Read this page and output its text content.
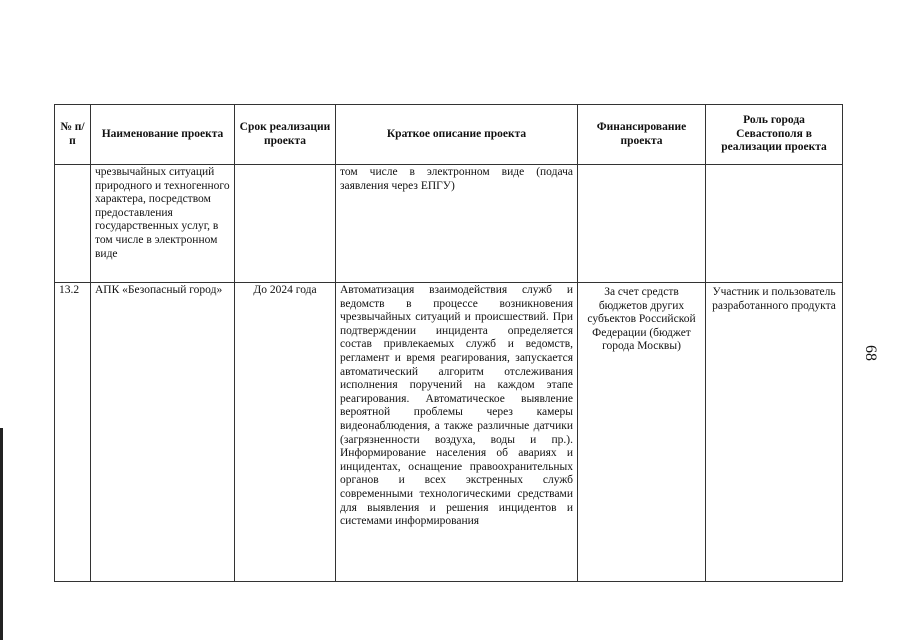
№ п/п	Наименование проекта	Срок реализации проекта	Краткое описание проекта	Финансирование проекта	Роль города Севастополя в реализации проекта
	чрезвычайных ситуаций природного и техногенного характера, посредством предоставления государственных услуг, в том числе в электронном виде		том числе в электронном виде (подача заявления через ЕПГУ)		
13.2	АПК «Безопасный город»	До 2024 года	Автоматизация взаимодействия служб и ведомств в процессе возникновения чрезвычайных ситуаций и происшествий. При подтверждении инцидента определяется состав привлекаемых служб и ведомств, регламент и время реагирования, запускается автоматический алгоритм отслеживания исполнения поручений на каждом этапе реагирования. Автоматическое выявление вероятной проблемы через камеры видеонаблюдения, а также различные датчики (загрязненности воздуха, воды и пр.). Информирование населения об авариях и инцидентах, оснащение правоохранительных органов и всех экстренных служб современными технологическими средствами для выявления и решения инцидентов и системами информирования	За счет средств бюджетов других субъектов Российской Федерации (бюджет города Москвы)	Участник и пользователь разработанного продукта
68
